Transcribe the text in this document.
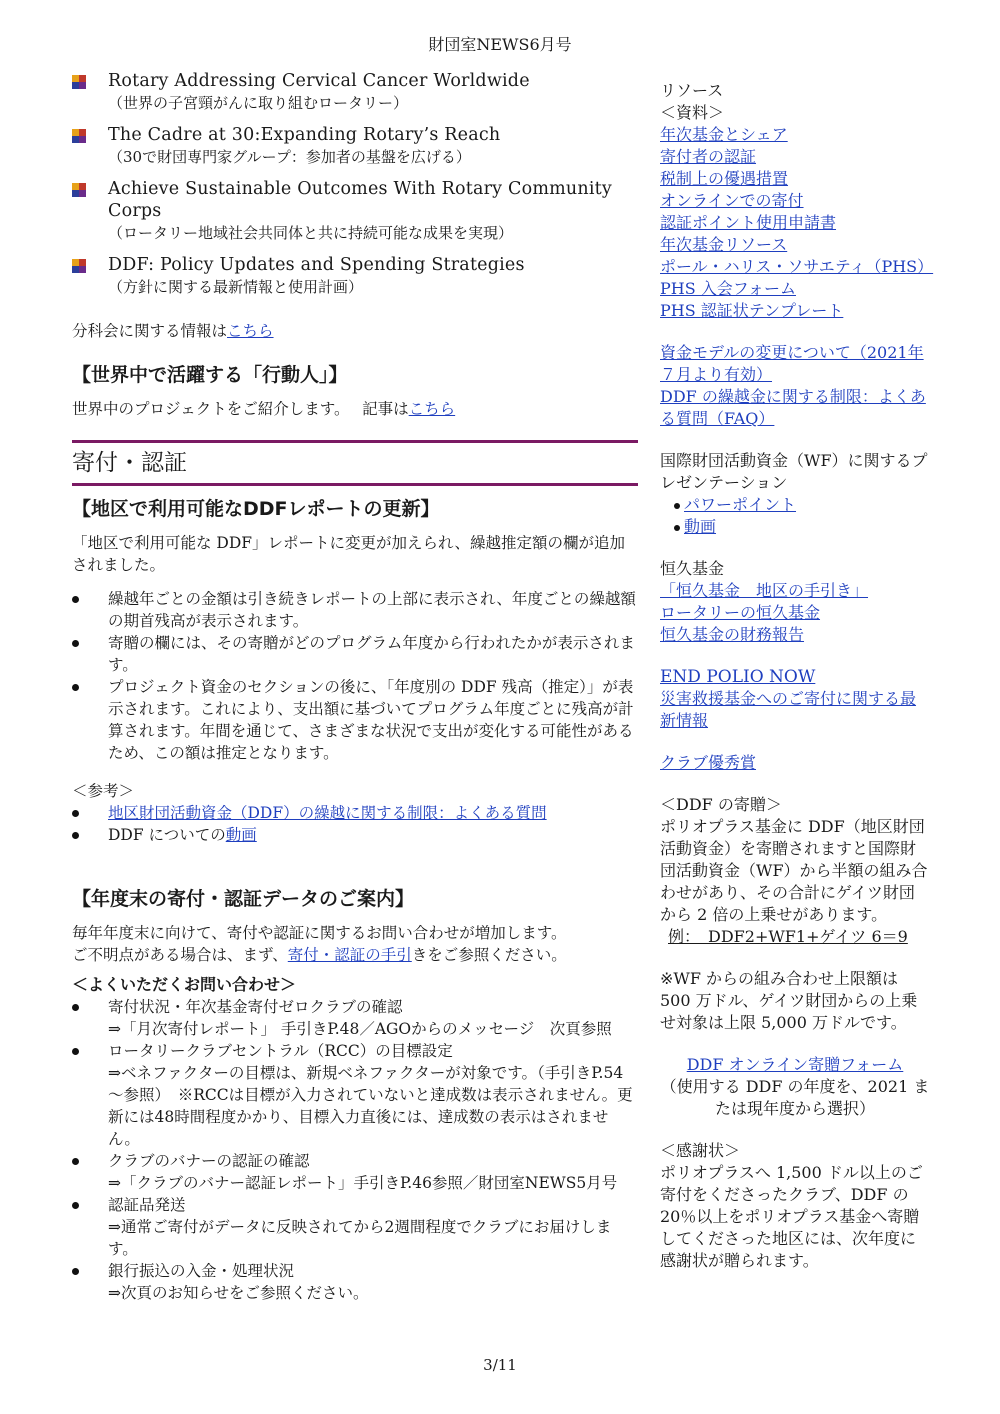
財団室NEWS6月号
Rotary Addressing Cervical Cancer Worldwide
（世界の子宮頸がんに取り組むロータリー）
The Cadre at 30:Expanding Rotary’s Reach
（30で財団専門家グループ：参加者の基盤を広げる）
Achieve Sustainable Outcomes With Rotary Community Corps
（ロータリー地域社会共同体と共に持続可能な成果を実現）
DDF: Policy Updates and Spending Strategies
（方針に関する最新情報と使用計画）
分科会に関する情報はこちら
【世界中で活躍する「行動人」】
世界中のプロジェクトをご紹介します。　 記事はこちら
寄付・認証
【地区で利用可能なDDFレポートの更新】
「地区で利用可能な DDF」レポートに変更が加えられ、繰越推定額の欄が追加されました。
繰越年ごとの金額は引き続きレポートの上部に表示され、年度ごとの繰越額の期首残高が表示されます。
寄贈の欄には、その寄贈がどのプログラム年度から行われたかが表示されます。
プロジェクト資金のセクションの後に、「年度別の DDF 残高（推定）」が表示されます。これにより、支出額に基づいてプログラム年度ごとに残高が計算されます。年間を通じて、さまざまな状況で支出が変化する可能性があるため、この額は推定となります。
＜参考＞
地区財団活動資金（DDF）の繰越に関する制限：よくある質問
DDF についての動画
【年度末の寄付・認証データのご案内】
毎年年度末に向けて、寄付や認証に関するお問い合わせが増加します。
ご不明点がある場合は、まず、寄付・認証の手引きをご参照ください。
＜よくいただくお問い合わせ＞
寄付状況・年次基金寄付ゼロクラブの確認
⇒「月次寄付レポート」 手引きP.48／AGOからのメッセージ　次頁参照
ロータリークラブセントラル（RCC）の目標設定
⇒ベネファクターの目標は、新規ベネファクターが対象です。（手引きP.54～参照）　※RCCは目標が入力されていないと達成数は表示されません。更新には48時間程度かかり、目標入力直後には、達成数の表示はされません。
クラブのバナーの認証の確認
⇒「クラブのバナー認証レポート」手引きP.46参照／財団室NEWS5月号
認証品発送
⇒通常ご寄付がデータに反映されてから2週間程度でクラブにお届けします。
銀行振込の入金・処理状況
⇒次頁のお知らせをご参照ください。
リソース
＜資料＞
年次基金とシェア
寄付者の認証
税制上の優遇措置
オンラインでの寄付
認証ポイント使用申請書
年次基金リソース
ポール・ハリス・ソサエティ（PHS）
PHS 入会フォーム
PHS 認証状テンプレート
資金モデルの変更について（2021年７月より有効）
DDF の繰越金に関する制限：よくある質問（FAQ）
国際財団活動資金（WF）に関するプレゼンテーション
パワーポイント
動画
恒久基金
「恒久基金　地区の手引き」
ロータリーの恒久基金
恒久基金の財務報告
END POLIO NOW
災害救援基金へのご寄付に関する最新情報
クラブ優秀賞
＜DDF の寄贈＞
ポリオプラス基金に DDF（地区財団活動資金）を寄贈されますと国際財団活動資金（WF）から半額の組み合わせがあり、その合計にゲイツ財団から 2 倍の上乗せがあります。
例：　DDF2+WF1+ゲイツ 6＝9
※WF からの組み合わせ上限額は 500 万ドル、ゲイツ財団からの上乗せ対象は上限 5,000 万ドルです。
DDF オンライン寄贈フォーム
（使用する DDF の年度を、2021 または現年度から選択）
＜感謝状＞
ポリオプラスへ 1,500 ドル以上のご寄付をくださったクラブ、DDF の20％以上をポリオプラス基金へ寄贈してくださった地区には、次年度に感謝状が贈られます。
3/11
